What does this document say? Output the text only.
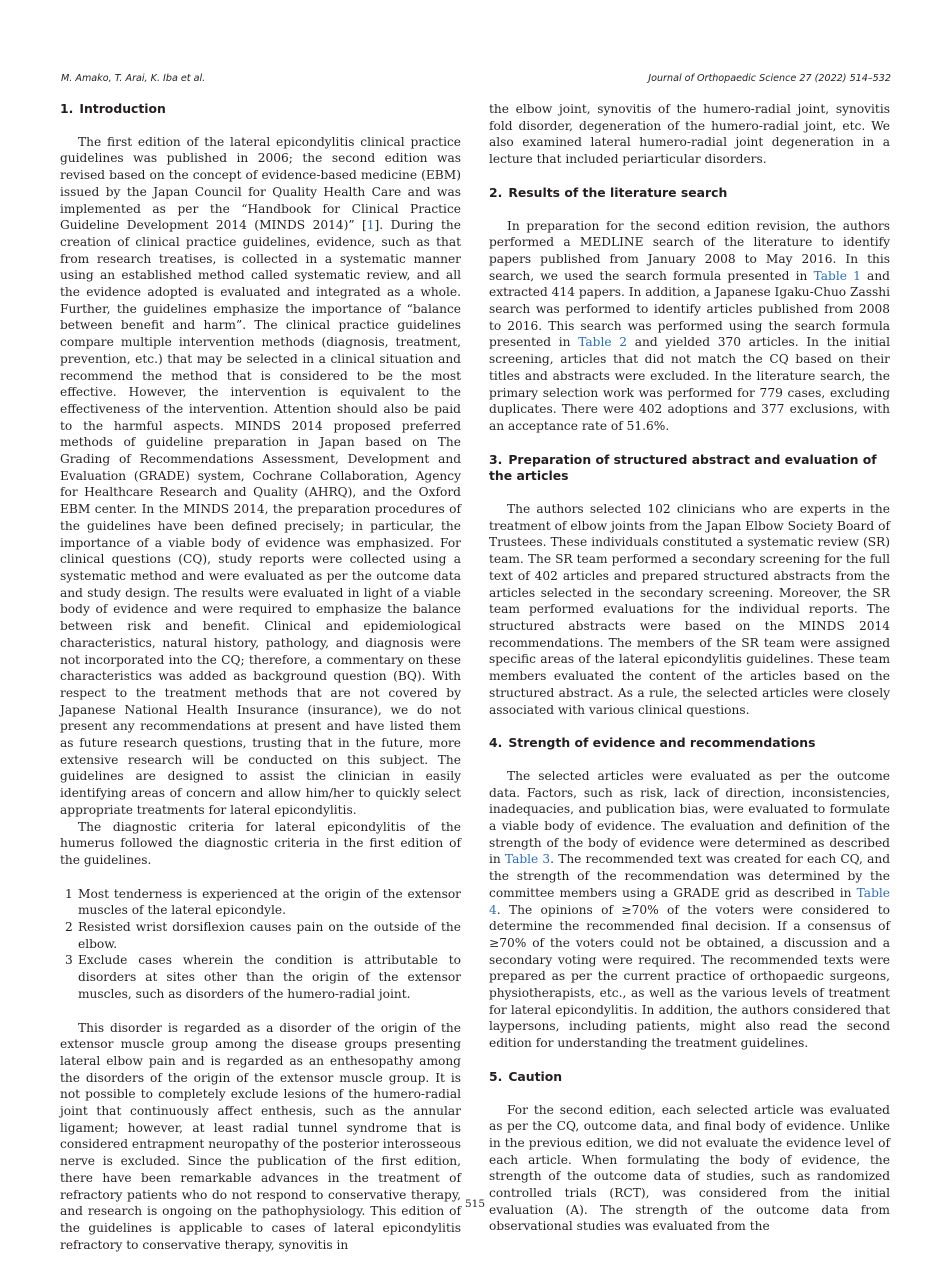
M. Amako, T. Arai, K. Iba et al.	Journal of Orthopaedic Science 27 (2022) 514–532
1. Introduction

The first edition of the lateral epicondylitis clinical practice guidelines was published in 2006; the second edition was revised based on the concept of evidence-based medicine (EBM) issued by the Japan Council for Quality Health Care and was implemented as per the “Handbook for Clinical Practice Guideline Development 2014 (MINDS 2014)” [1]. During the creation of clinical practice guidelines, evidence, such as that from research treatises, is collected in a systematic manner using an established method called systematic review, and all the evidence adopted is evaluated and integrated as a whole. Further, the guidelines emphasize the importance of “balance between benefit and harm”. The clinical practice guidelines compare multiple intervention methods (diagnosis, treatment, prevention, etc.) that may be selected in a clinical situation and recommend the method that is considered to be the most effective. However, the intervention is equivalent to the effectiveness of the intervention. Attention should also be paid to the harmful aspects. MINDS 2014 proposed preferred methods of guideline preparation in Japan based on The Grading of Recommendations Assessment, Development and Evaluation (GRADE) system, Cochrane Collaboration, Agency for Healthcare Research and Quality (AHRQ), and the Oxford EBM center. In the MINDS 2014, the preparation procedures of the guidelines have been defined precisely; in particular, the importance of a viable body of evidence was emphasized. For clinical questions (CQ), study reports were collected using a systematic method and were evaluated as per the outcome data and study design. The results were evaluated in light of a viable body of evidence and were required to emphasize the balance between risk and benefit. Clinical and epidemiological characteristics, natural history, pathology, and diagnosis were not incorporated into the CQ; therefore, a commentary on these characteristics was added as background question (BQ). With respect to the treatment methods that are not covered by Japanese National Health Insurance (insurance), we do not present any recommendations at present and have listed them as future research questions, trusting that in the future, more extensive research will be conducted on this subject. The guidelines are designed to assist the clinician in easily identifying areas of concern and allow him/her to quickly select appropriate treatments for lateral epicondylitis.

The diagnostic criteria for lateral epicondylitis of the humerus followed the diagnostic criteria in the first edition of the guidelines.

1 Most tenderness is experienced at the origin of the extensor muscles of the lateral epicondyle.
2 Resisted wrist dorsiflexion causes pain on the outside of the elbow.
3 Exclude cases wherein the condition is attributable to disorders at sites other than the origin of the extensor muscles, such as disorders of the humero-radial joint.

This disorder is regarded as a disorder of the origin of the extensor muscle group among the disease groups presenting lateral elbow pain and is regarded as an enthesopathy among the disorders of the origin of the extensor muscle group. It is not possible to completely exclude lesions of the humero-radial joint that continuously affect enthesis, such as the annular ligament; however, at least radial tunnel syndrome that is considered entrapment neuropathy of the posterior interosseous nerve is excluded. Since the publication of the first edition, there have been remarkable advances in the treatment of refractory patients who do not respond to conservative therapy, and research is ongoing on the pathophysiology. This edition of the guidelines is applicable to cases of lateral epicondylitis refractory to conservative therapy, synovitis in

the elbow joint, synovitis of the humero-radial joint, synovitis fold disorder, degeneration of the humero-radial joint, etc. We also examined lateral humero-radial joint degeneration in a lecture that included periarticular disorders.

2. Results of the literature search

In preparation for the second edition revision, the authors performed a MEDLINE search of the literature to identify papers published from January 2008 to May 2016. In this search, we used the search formula presented in Table 1 and extracted 414 papers. In addition, a Japanese Igaku-Chuo Zasshi search was performed to identify articles published from 2008 to 2016. This search was performed using the search formula presented in Table 2 and yielded 370 articles. In the initial screening, articles that did not match the CQ based on their titles and abstracts were excluded. In the literature search, the primary selection work was performed for 779 cases, excluding duplicates. There were 402 adoptions and 377 exclusions, with an acceptance rate of 51.6%.

3. Preparation of structured abstract and evaluation of the articles

The authors selected 102 clinicians who are experts in the treatment of elbow joints from the Japan Elbow Society Board of Trustees. These individuals constituted a systematic review (SR) team. The SR team performed a secondary screening for the full text of 402 articles and prepared structured abstracts from the articles selected in the secondary screening. Moreover, the SR team performed evaluations for the individual reports. The structured abstracts were based on the MINDS 2014 recommendations. The members of the SR team were assigned specific areas of the lateral epicondylitis guidelines. These team members evaluated the content of the articles based on the structured abstract. As a rule, the selected articles were closely associated with various clinical questions.

4. Strength of evidence and recommendations

The selected articles were evaluated as per the outcome data. Factors, such as risk, lack of direction, inconsistencies, inadequacies, and publication bias, were evaluated to formulate a viable body of evidence. The evaluation and definition of the strength of the body of evidence were determined as described in Table 3. The recommended text was created for each CQ, and the strength of the recommendation was determined by the committee members using a GRADE grid as described in Table 4. The opinions of ≥70% of the voters were considered to determine the recommended final decision. If a consensus of ≥70% of the voters could not be obtained, a discussion and a secondary voting were required. The recommended texts were prepared as per the current practice of orthopaedic surgeons, physiotherapists, etc., as well as the various levels of treatment for lateral epicondylitis. In addition, the authors considered that laypersons, including patients, might also read the second edition for understanding the treatment guidelines.

5. Caution

For the second edition, each selected article was evaluated as per the CQ, outcome data, and final body of evidence. Unlike in the previous edition, we did not evaluate the evidence level of each article. When formulating the body of evidence, the strength of the outcome data of studies, such as randomized controlled trials (RCT), was considered from the initial evaluation (A). The strength of the outcome data from observational studies was evaluated from the

515
